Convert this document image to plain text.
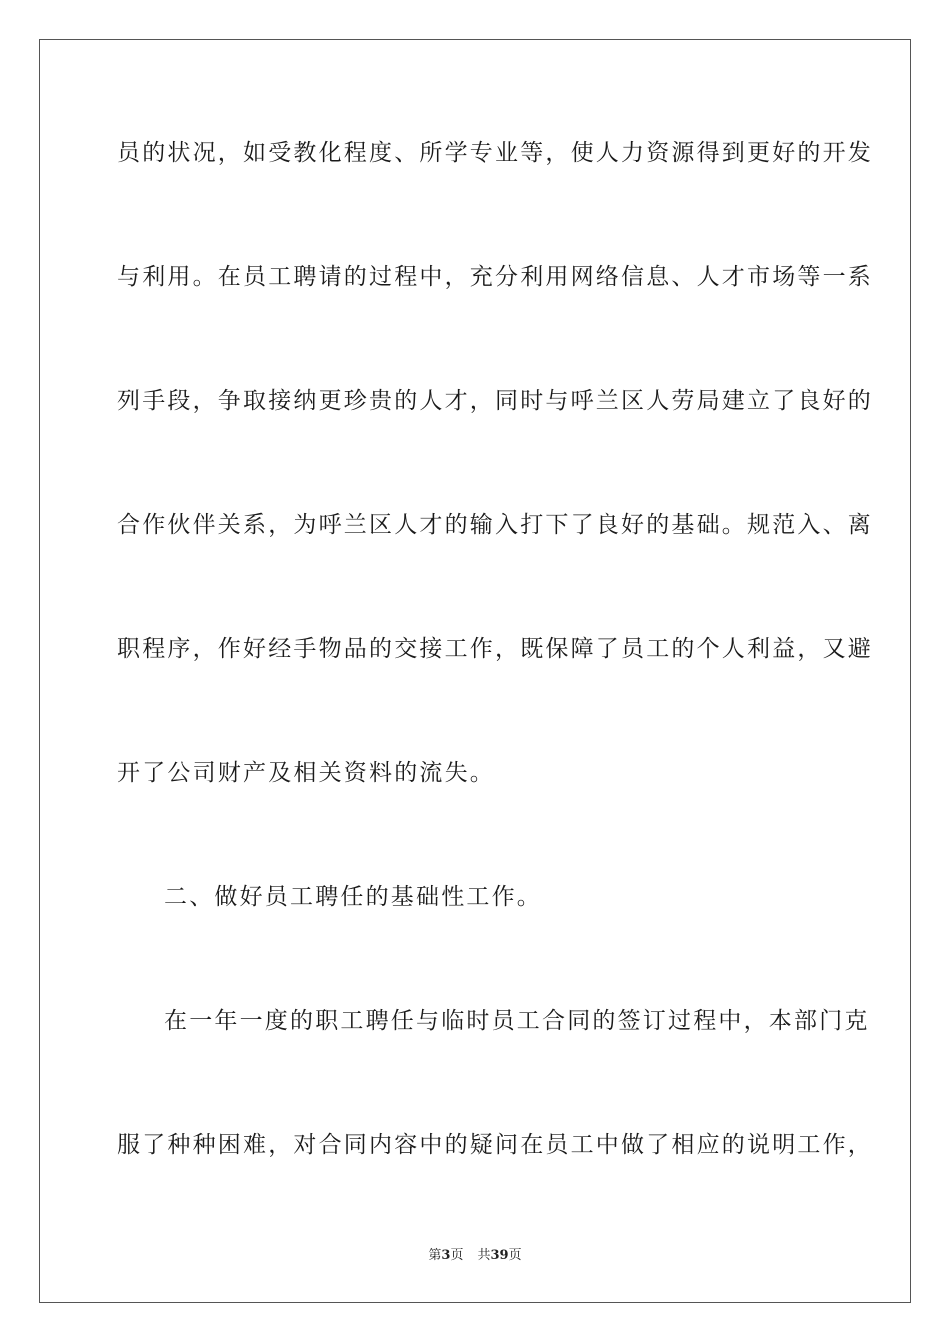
员的状况，如受教化程度、所学专业等，使人力资源得到更好的开发
与利用。在员工聘请的过程中，充分利用网络信息、人才市场等一系
列手段，争取接纳更珍贵的人才，同时与呼兰区人劳局建立了良好的
合作伙伴关系，为呼兰区人才的输入打下了良好的基础。规范入、离
职程序，作好经手物品的交接工作，既保障了员工的个人利益，又避
开了公司财产及相关资料的流失。
二、做好员工聘任的基础性工作。
在一年一度的职工聘任与临时员工合同的签订过程中，本部门克
服了种种困难，对合同内容中的疑问在员工中做了相应的说明工作，
第3页 共39页
